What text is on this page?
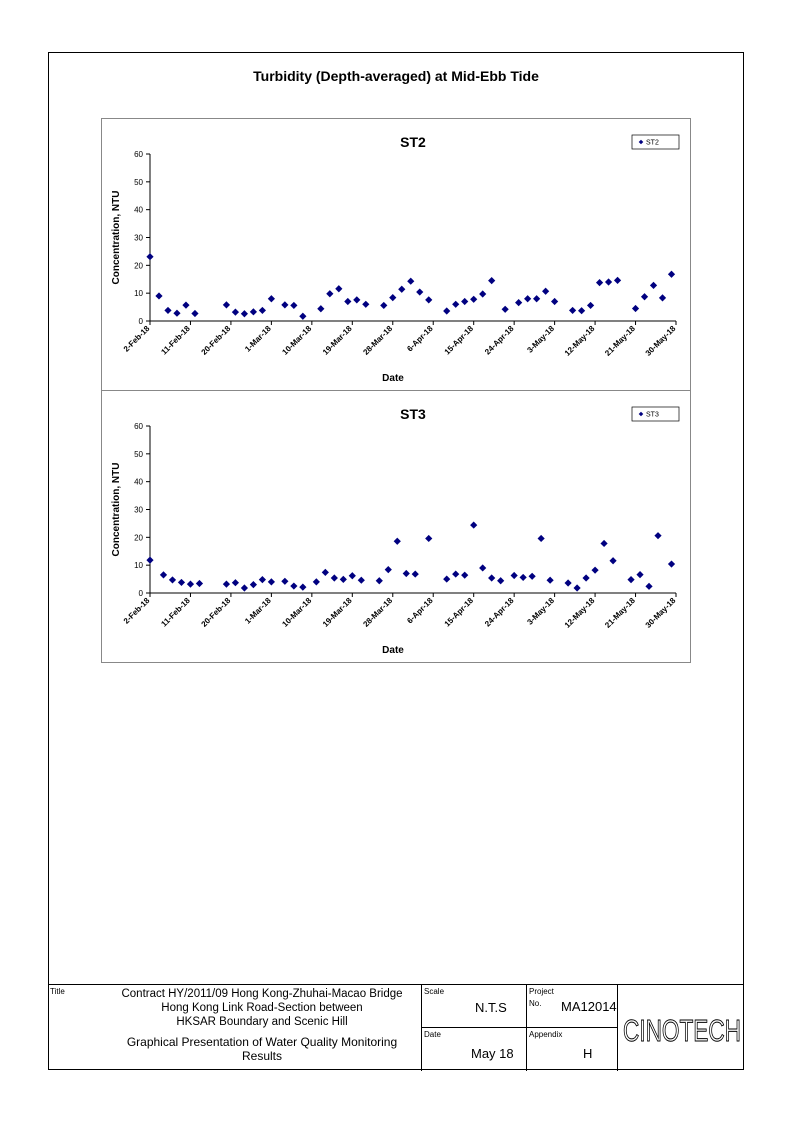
Turbidity (Depth-averaged) at Mid-Ebb Tide
ST2
0
10
20
30
40
50
60
2-Feb-18 11-Feb-18 20-Feb-18 1-Mar-18 10-Mar-18 19-Mar-18 28-Mar-18 6-Apr-18 15-Apr-18 24-Apr-18 3-May-18 12-May-18 21-May-18 30-May-18
Date
Concentration, NTU
ST2
ST3
0
10
20
30
40
50
60
2-Feb-18 11-Feb-18 20-Feb-18 1-Mar-18 10-Mar-18 19-Mar-18 28-Mar-18 6-Apr-18 15-Apr-18 24-Apr-18 3-May-18 12-May-18 21-May-18 30-May-18
Date
Concentration, NTU
ST3
Title	Contract HY/2011/09 Hong Kong-Zhuhai-Macao Bridge
Hong Kong Link Road-Section between
HKSAR Boundary and Scenic Hill
Graphical Presentation of Water Quality Monitoring
Results
Scale
N.T.S
Date
May 18
Project
No. MA12014
Appendix
H
CINOTECH
